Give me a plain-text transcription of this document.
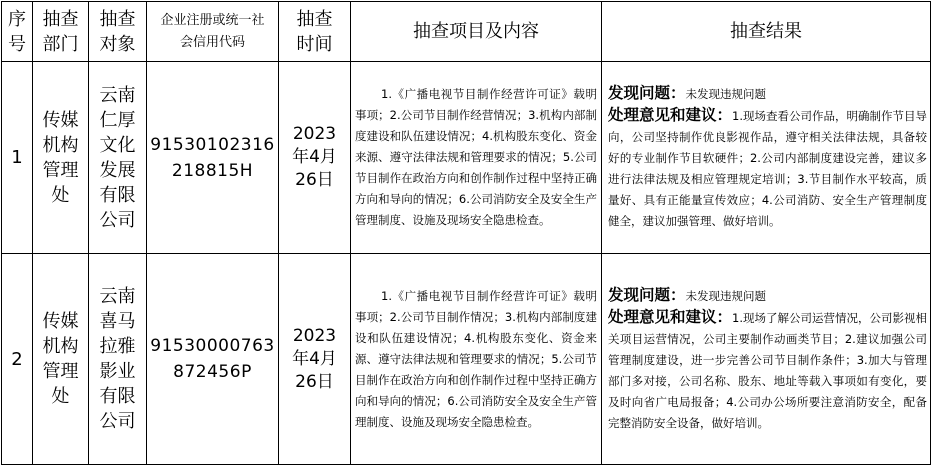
序号	抽查部门	抽查对象	企业注册或统一社会信用代码	抽查时间	抽查项目及内容	抽查结果
1	传媒机构管理处	云南仁厚文化发展有限公司	91530102316218815H	2023年4月26日	1.《广播电视节目制作经营许可证》载明事项；2.公司节目制作经营情况；3.机构内部制度建设和队伍建设情况；4.机构股东变化、资金来源、遵守法律法规和管理要求的情况；5.公司节目制作在政治方向和创作制作过程中坚持正确方向和导向的情况；6.公司消防安全及安全生产管理制度、设施及现场安全隐患检查。	发现问题：未发现违规问题
处理意见和建议：1.现场查看公司作品，明确制作节目导向，公司坚持制作优良影视作品，遵守相关法律法规，具备较好的专业制作节目软硬件；2.公司内部制度建设完善，建议多进行法律法规及相应管理规定培训；3.节目制作水平较高，质量好、具有正能量宣传效应；4.公司消防、安全生产管理制度健全，建议加强管理、做好培训。

2	传媒机构管理处	云南喜马拉雅影业有限公司	91530000763872456P	2023年4月26日	1.《广播电视节目制作经营许可证》载明事项；2.公司节目制作情况；3.机构内部制度建设和队伍建设情况；4.机构股东变化、资金来源、遵守法律法规和管理要求的情况；5.公司节目制作在政治方向和创作制作过程中坚持正确方向和导向的情况；6.公司消防安全及安全生产管理制度、设施及现场安全隐患检查。	发现问题：未发现违规问题
处理意见和建议：1.现场了解公司运营情况，公司影视相关项目运营情况，公司主要制作动画类节目；2.建议加强公司管理制度建设，进一步完善公司节目制作条件；3.加大与管理部门多对接，公司名称、股东、地址等载入事项如有变化，要及时向省广电局报备；4.公司办公场所要注意消防安全，配备完整消防安全设备，做好培训。
